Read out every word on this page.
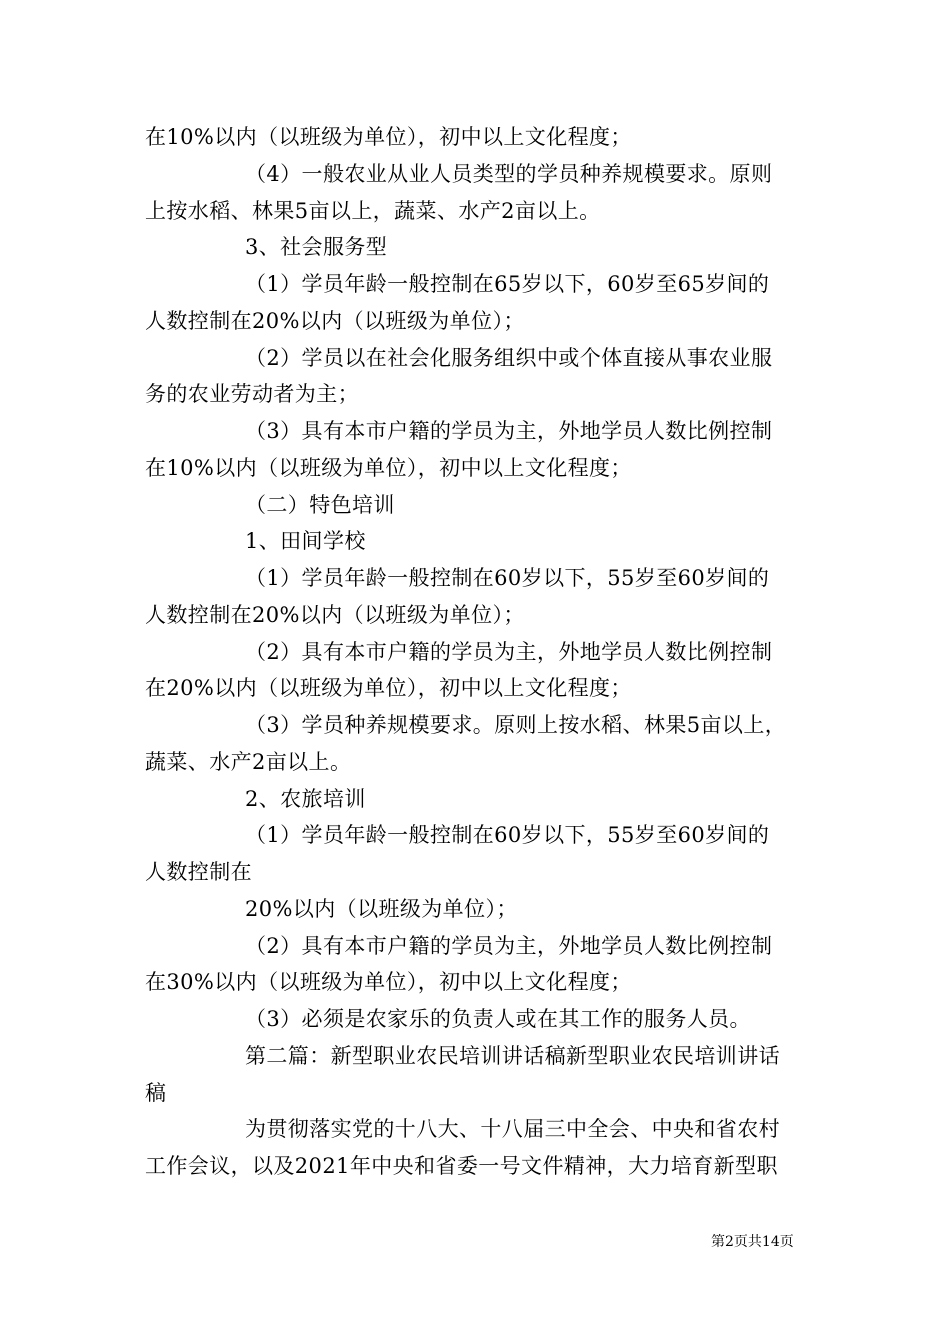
在10%以内（以班级为单位），初中以上文化程度；
（4）一般农业从业人员类型的学员种养规模要求。原则
上按水稻、林果5亩以上，蔬菜、水产2亩以上。
3、社会服务型
（1）学员年龄一般控制在65岁以下，60岁至65岁间的
人数控制在20%以内（以班级为单位）；
（2）学员以在社会化服务组织中或个体直接从事农业服
务的农业劳动者为主；
（3）具有本市户籍的学员为主，外地学员人数比例控制
在10%以内（以班级为单位），初中以上文化程度；
（二）特色培训
1、田间学校
（1）学员年龄一般控制在60岁以下，55岁至60岁间的
人数控制在20%以内（以班级为单位）；
（2）具有本市户籍的学员为主，外地学员人数比例控制
在20%以内（以班级为单位），初中以上文化程度；
（3）学员种养规模要求。原则上按水稻、林果5亩以上，
蔬菜、水产2亩以上。
2、农旅培训
（1）学员年龄一般控制在60岁以下，55岁至60岁间的
人数控制在
20%以内（以班级为单位）；
（2）具有本市户籍的学员为主，外地学员人数比例控制
在30%以内（以班级为单位），初中以上文化程度；
（3）必须是农家乐的负责人或在其工作的服务人员。
第二篇：新型职业农民培训讲话稿新型职业农民培训讲话
稿
为贯彻落实党的十八大、十八届三中全会、中央和省农村
工作会议，以及2021年中央和省委一号文件精神，大力培育新型职
第2页共14页
